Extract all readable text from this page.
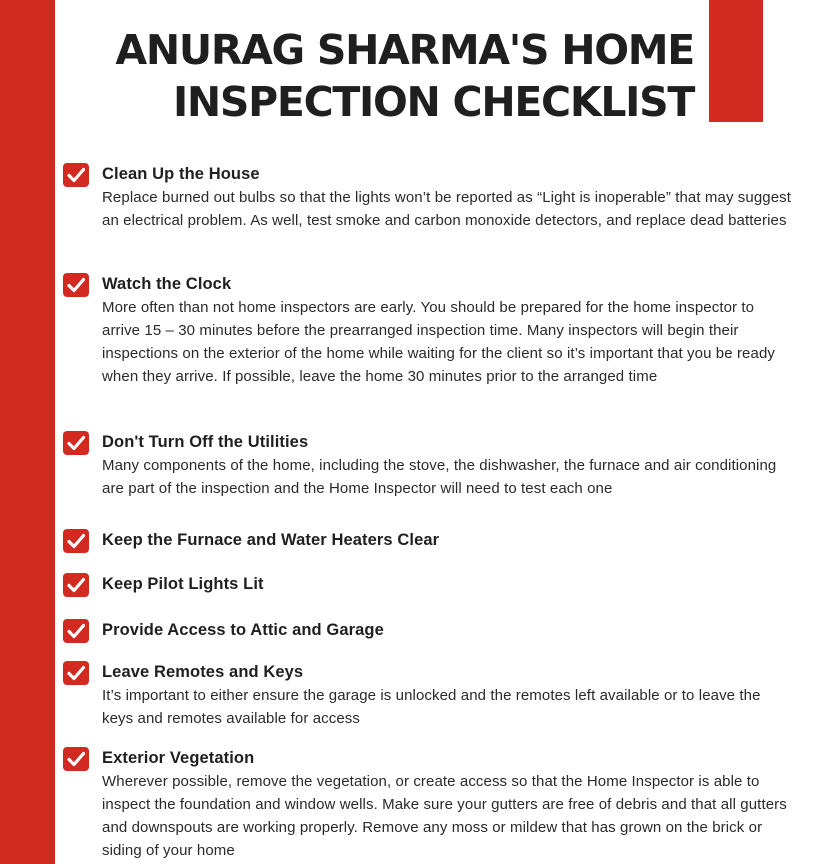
ANURAG SHARMA'S HOME
INSPECTION CHECKLIST
Clean Up the House
Replace burned out bulbs so that the lights won’t be reported as “Light is inoperable” that may suggest an electrical problem. As well, test smoke and carbon monoxide detectors, and replace dead batteries
Watch the Clock
More often than not home inspectors are early. You should be prepared for the home inspector to arrive 15 – 30 minutes before the prearranged inspection time. Many inspectors will begin their inspections on the exterior of the home while waiting for the client so it’s important that you be ready when they arrive. If possible, leave the home 30 minutes prior to the arranged time
Don't Turn Off the Utilities
Many components of the home, including the stove, the dishwasher, the furnace and air conditioning are part of the inspection and the Home Inspector will need to test each one
Keep the Furnace and Water Heaters Clear
Keep Pilot Lights Lit
Provide Access to Attic and Garage
Leave Remotes and Keys
It’s important to either ensure the garage is unlocked and the remotes left available or to leave the keys and remotes available for access
Exterior Vegetation
Wherever possible, remove the vegetation, or create access so that the Home Inspector is able to inspect the foundation and window wells. Make sure your gutters are free of debris and that all gutters and downspouts are working properly. Remove any moss or mildew that has grown on the brick or siding of your home
